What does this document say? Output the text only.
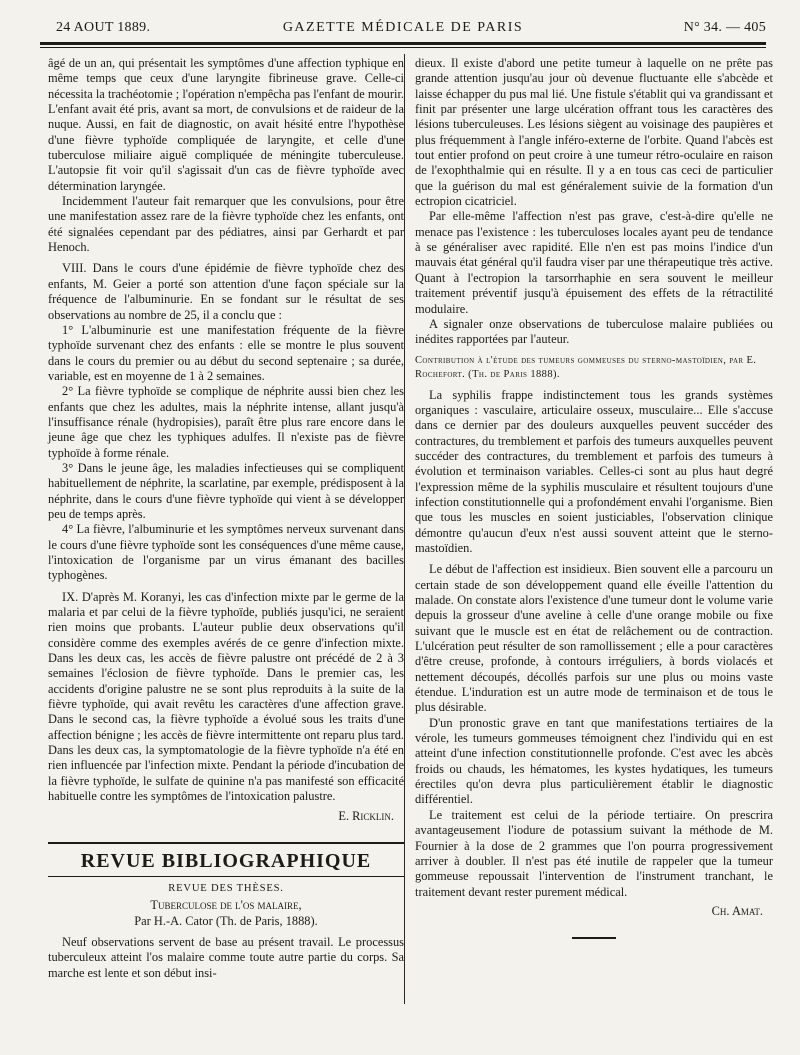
24 AOUT 1889.	GAZETTE MÉDICALE DE PARIS	N° 34. — 405

âgé de un an, qui présentait les symptômes d'une affection typhique en même temps que ceux d'une laryngite fibrineuse grave. Celle-ci nécessita la trachéotomie ; l'opération n'empêcha pas l'enfant de mourir. L'enfant avait été pris, avant sa mort, de convulsions et de raideur de la nuque. Aussi, en fait de diagnostic, on avait hésité entre l'hypothèse d'une fièvre typhoïde compliquée de laryngite, et celle d'une tuberculose miliaire aiguë compliquée de méningite tuberculeuse. L'autopsie fit voir qu'il s'agissait d'un cas de fièvre typhoïde avec détermination laryngée.

Incidemment l'auteur fait remarquer que les convulsions, pour être une manifestation assez rare de la fièvre typhoïde chez les enfants, ont été signalées cependant par des pédiatres, ainsi par Gerhardt et par Henoch.

VIII. Dans le cours d'une épidémie de fièvre typhoïde chez des enfants, M. Geier a porté son attention d'une façon spéciale sur la fréquence de l'albuminurie. En se fondant sur le résultat de ses observations au nombre de 25, il a conclu que :

1° L'albuminurie est une manifestation fréquente de la fièvre typhoïde survenant chez des enfants : elle se montre le plus souvent dans le cours du premier ou au début du second septenaire ; sa durée, variable, est en moyenne de 1 à 2 semaines.

2° La fièvre typhoïde se complique de néphrite aussi bien chez les enfants que chez les adultes, mais la néphrite intense, allant jusqu'à l'insuffisance rénale (hydropisies), paraît être plus rare encore dans le jeune âge que chez les typhiques adulfes. Il n'existe pas de fièvre typhoïde à forme rénale.

3° Dans le jeune âge, les maladies infectieuses qui se compliquent habituellement de néphrite, la scarlatine, par exemple, prédisposent à la néphrite, dans le cours d'une fièvre typhoïde qui vient à se développer peu de temps après.

4° La fièvre, l'albuminurie et les symptômes nerveux survenant dans le cours d'une fièvre typhoïde sont les conséquences d'une même cause, l'intoxication de l'organisme par un virus émanant des bacilles typhogènes.

IX. D'après M. Koranyi, les cas d'infection mixte par le germe de la malaria et par celui de la fièvre typhoïde, publiés jusqu'ici, ne seraient rien moins que probants. L'auteur publie deux observations qu'il considère comme des exemples avérés de ce genre d'infection mixte. Dans les deux cas, les accès de fièvre palustre ont précédé de 2 à 3 semaines l'éclosion de fièvre typhoïde. Dans le premier cas, les accidents d'origine palustre ne se sont plus reproduits à la suite de la fièvre typhoïde, qui avait revêtu les caractères d'une affection grave. Dans le second cas, la fièvre typhoïde a évolué sous les traits d'une affection bénigne ; les accès de fièvre intermittente ont reparu plus tard. Dans les deux cas, la symptomatologie de la fièvre typhoïde n'a été en rien influencée par l'infection mixte. Pendant la période d'incubation de la fièvre typhoïde, le sulfate de quinine n'a pas manifesté son efficacité habituelle contre les symptômes de l'intoxication palustre.

E. Ricklin.
REVUE BIBLIOGRAPHIQUE

REVUE DES THÈSES.

Tuberculose de l'os malaire,

Par H.-A. Cator (Th. de Paris, 1888).

Neuf observations servent de base au présent travail. Le processus tuberculeux atteint l'os malaire comme toute autre partie du corps. Sa marche est lente et son début insi-

dieux. Il existe d'abord une petite tumeur à laquelle on ne prête pas grande attention jusqu'au jour où devenue fluctuante elle s'abcède et laisse échapper du pus mal lié. Une fistule s'établit qui va grandissant et finit par présenter une large ulcération offrant tous les caractères des lésions tuberculeuses. Les lésions siègent au voisinage des paupières et plus fréquemment à l'angle inféro-externe de l'orbite. Quand l'abcès est tout entier profond on peut croire à une tumeur rétro-oculaire en raison de l'exophthalmie qui en résulte. Il y a en tous cas ceci de particulier que la guérison du mal est généralement suivie de la formation d'un ectropion cicatriciel.

Par elle-même l'affection n'est pas grave, c'est-à-dire qu'elle ne menace pas l'existence : les tuberculoses locales ayant peu de tendance à se généraliser avec rapidité. Elle n'en est pas moins l'indice d'un mauvais état général qu'il faudra viser par une thérapeutique très active. Quant à l'ectropion la tarsorrhaphie en sera souvent le meilleur traitement préventif jusqu'à épuisement des effets de la rétractilité modulaire.

A signaler onze observations de tuberculose malaire publiées ou inédites rapportées par l'auteur.

Contribution à l'étude des tumeurs gommeuses du sterno-mastoïdien, par E. Rochefort. (Th. de Paris 1888).

La syphilis frappe indistinctement tous les grands systèmes organiques : vasculaire, articulaire osseux, musculaire... Elle s'accuse dans ce dernier par des douleurs auxquelles peuvent succéder des contractures, du tremblement et parfois des tumeurs auxquelles peuvent succéder des contractures, du tremblement et parfois des tumeurs à évolution et terminaison variables. Celles-ci sont au plus haut degré l'expression même de la syphilis musculaire et résultent toujours d'une infection constitutionnelle qui a profondément envahi l'organisme. Bien que tous les muscles en soient justiciables, l'observation clinique démontre qu'aucun d'eux n'est aussi souvent atteint que le sterno-mastoïdien.

Le début de l'affection est insidieux. Bien souvent elle a parcouru un certain stade de son développement quand elle éveille l'attention du malade. On constate alors l'existence d'une tumeur dont le volume varie depuis la grosseur d'une aveline à celle d'une orange mobile ou fixe suivant que le muscle est en état de relâchement ou de contraction. L'ulcération peut résulter de son ramollissement ; elle a pour caractères d'être creuse, profonde, à contours irréguliers, à bords violacés et nettement découpés, décollés parfois sur une plus ou moins vaste étendue. L'induration est un autre mode de terminaison et de tous le plus désirable.

D'un pronostic grave en tant que manifestations tertiaires de la vérole, les tumeurs gommeuses témoignent chez l'individu qui en est atteint d'une infection constitutionnelle profonde. C'est avec les abcès froids ou chauds, les hématomes, les kystes hydatiques, les tumeurs érectiles qu'on devra plus particulièrement établir le diagnostic différentiel.

Le traitement est celui de la période tertiaire. On prescrira avantageusement l'iodure de potassium suivant la méthode de M. Fournier à la dose de 2 grammes que l'on pourra progressivement arriver à doubler. Il n'est pas été inutile de rappeler que la tumeur gommeuse repoussait l'intervention de l'instrument tranchant, le traitement devant rester purement médical.

Ch. Amat.
